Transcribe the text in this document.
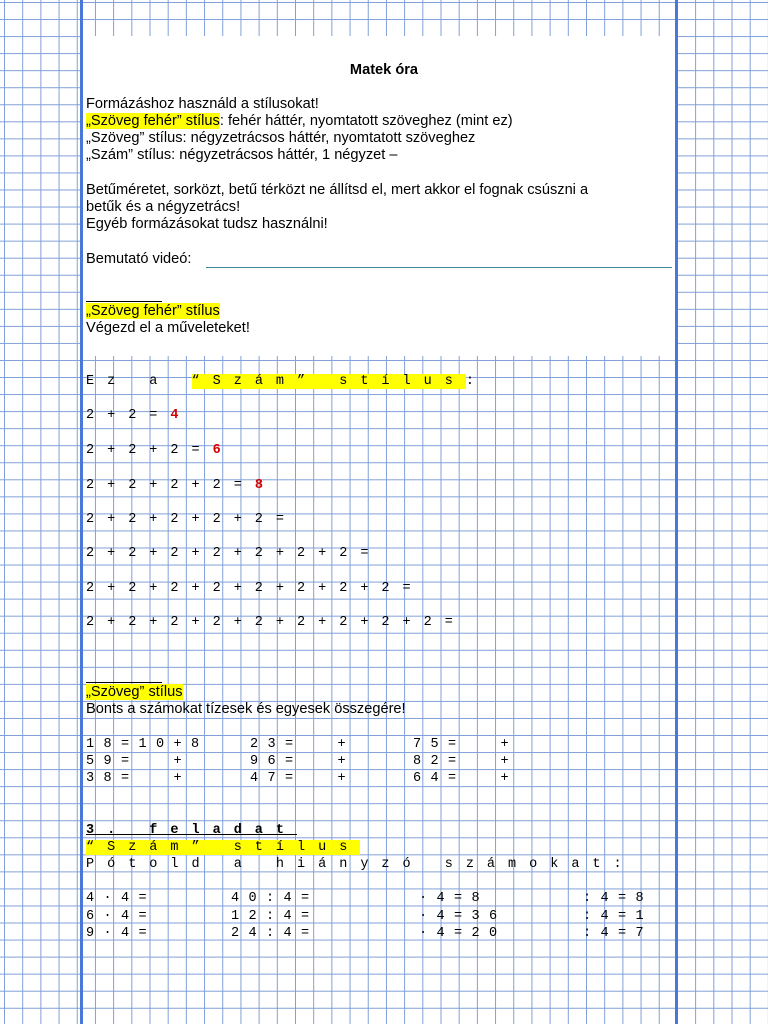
Matek óra
Formázáshoz használd a stílusokat!
„Szöveg fehér” stílus: fehér háttér, nyomtatott szöveghez (mint ez)
„Szöveg” stílus: négyzetrácsos háttér, nyomtatott szöveghez
„Szám” stílus: négyzetrácsos háttér, 1 négyzet –
Betűméretet, sorközt, betű térközt ne állítsd el, mert akkor el fognak csúszni a
betűk és a négyzetrács!
Egyéb formázásokat tudsz használni!
Bemutató videó:
„Szöveg fehér” stílus
Végezd el a műveleteket!
Ez a “Szám” stílus:
2+2=4
2+2+2=6
2+2+2+2=8
2+2+2+2+2=
2+2+2+2+2+2+2=
2+2+2+2+2+2+2+2=
2+2+2+2+2+2+2+2+2=
„Szöveg” stílus
Bonts a számokat tízesek és egyesek összegére!
18=10+8	23=  +	75=  +
59=  +	96=  +	82=  +
38=  +	47=  +	64=  +
3. feladat
“Szám” stílus
Pótold a hiányzó számokat:
4·4=	40:4=	·4=8	:4=8
6·4=	12:4=	·4=36	:4=1
9·4=	24:4=	·4=20	:4=7
